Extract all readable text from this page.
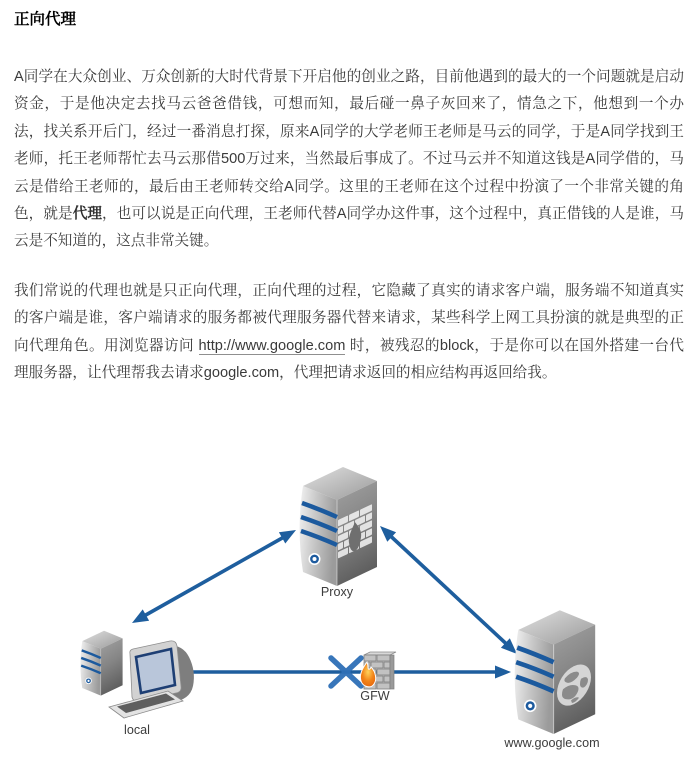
正向代理

A同学在大众创业、万众创新的大时代背景下开启他的创业之路，目前他遇到的最大的一个问题就是启动资金，于是他决定去找马云爸爸借钱，可想而知，最后碰一鼻子灰回来了，情急之下，他想到一个办法，找关系开后门，经过一番消息打探，原来A同学的大学老师王老师是马云的同学，于是A同学找到王老师，托王老师帮忙去马云那借500万过来，当然最后事成了。不过马云并不知道这钱是A同学借的，马云是借给王老师的，最后由王老师转交给A同学。这里的王老师在这个过程中扮演了一个非常关键的角色，就是代理，也可以说是正向代理，王老师代替A同学办这件事，这个过程中，真正借钱的人是谁，马云是不知道的，这点非常关键。

我们常说的代理也就是只正向代理，正向代理的过程，它隐藏了真实的请求客户端，服务端不知道真实的客户端是谁，客户端请求的服务都被代理服务器代替来请求，某些科学上网工具扮演的就是典型的正向代理角色。用浏览器访问 http://www.google.com 时，被残忍的block，于是你可以在国外搭建一台代理服务器，让代理帮我去请求google.com，代理把请求返回的相应结构再返回给我。

Proxy
local
GFW
www.google.com
